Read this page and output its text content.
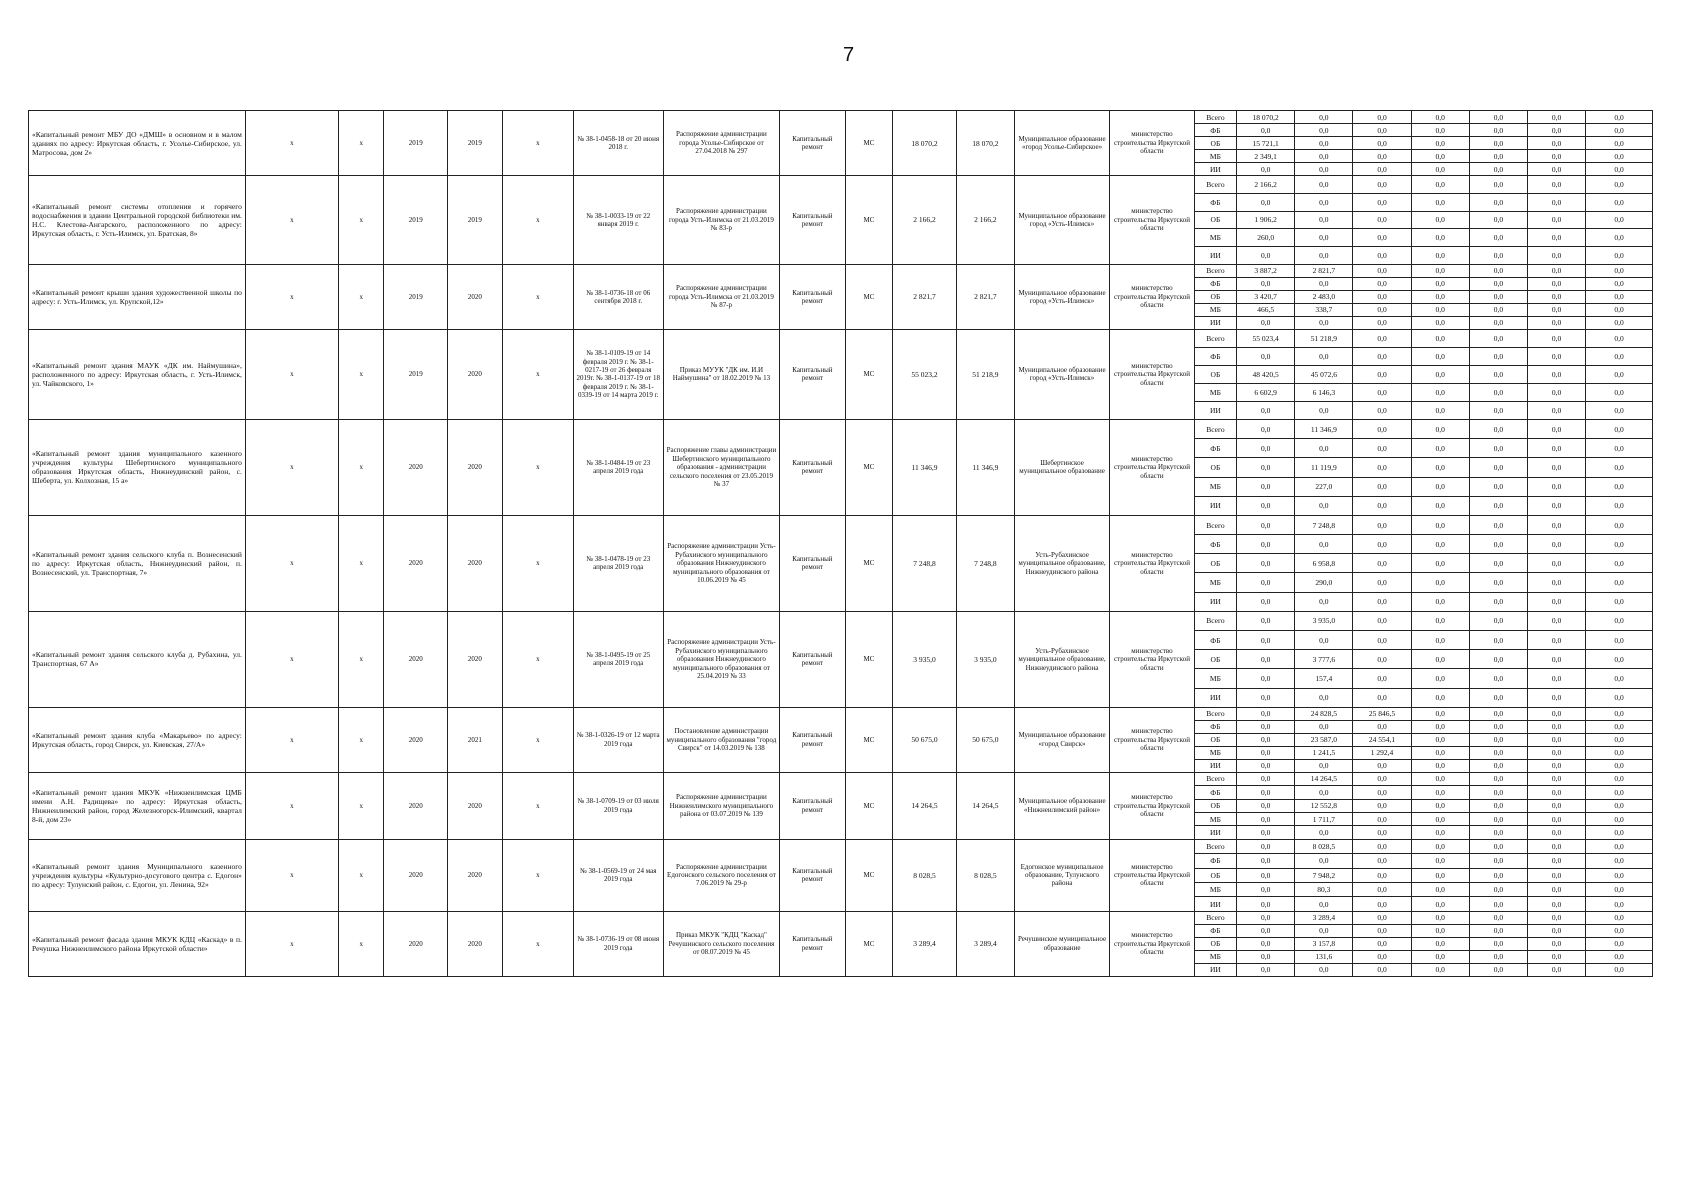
7
«Капитальный ремонт МБУ ДО «ДМШ» в основном и в малом зданиях по адресу: Иркутская область, г. Усолье-Сибирское, ул. Матросова, дом 2»	x	x	2019	2019	x	№ 38-1-0458-18 от 20 июня 2018 г.	Распоряжение администрации города Усолье-Сибирское от 27.04.2018 № 297	Капитальный ремонт	МС	18 070,2	18 070,2	Муниципальное образование «город Усолье-Сибирское»	министерство строительства Иркутской области	Всего	18 070,2	0,0	0,0	0,0	0,0	0,0	0,0
														ФБ	0,0	0,0	0,0	0,0	0,0	0,0	0,0
														ОБ	15 721,1	0,0	0,0	0,0	0,0	0,0	0,0
														МБ	2 349,1	0,0	0,0	0,0	0,0	0,0	0,0
														ИИ	0,0	0,0	0,0	0,0	0,0	0,0	0,0
«Капитальный ремонт системы отопления и горячего водоснабжения в здании Центральной городской библиотеки им. Н.С. Клестова-Ангарского, расположенного по адресу: Иркутская область, г. Усть-Илимск, ул. Братская, 8»	x	x	2019	2019	x	№ 38-1-0033-19 от 22 января 2019 г.	Распоряжение администрации города Усть-Илимска от 21.03.2019 № 83-р	Капитальный ремонт	МС	2 166,2	2 166,2	Муниципальное образование город «Усть-Илимск»	министерство строительства Иркутской области	Всего	2 166,2	0,0	0,0	0,0	0,0	0,0	0,0
														ФБ	0,0	0,0	0,0	0,0	0,0	0,0	0,0
														ОБ	1 906,2	0,0	0,0	0,0	0,0	0,0	0,0
														МБ	260,0	0,0	0,0	0,0	0,0	0,0	0,0
														ИИ	0,0	0,0	0,0	0,0	0,0	0,0	0,0
«Капитальный ремонт крыши здания художественной школы по адресу: г. Усть-Илимск, ул. Крупской,12»	x	x	2019	2020	x	№ 38-1-0736-18 от 06 сентября 2018 г.	Распоряжение администрации города Усть-Илимска от 21.03.2019 № 87-р	Капитальный ремонт	МС	2 821,7	2 821,7	Муниципальное образование город «Усть-Илимск»	министерство строительства Иркутской области	Всего	3 887,2	2 821,7	0,0	0,0	0,0	0,0	0,0
														ФБ	0,0	0,0	0,0	0,0	0,0	0,0	0,0
														ОБ	3 420,7	2 483,0	0,0	0,0	0,0	0,0	0,0
														МБ	466,5	338,7	0,0	0,0	0,0	0,0	0,0
														ИИ	0,0	0,0	0,0	0,0	0,0	0,0	0,0
«Капитальный ремонт здания МАУК «ДК им. Наймушина», расположенного по адресу: Иркутская область, г. Усть-Илимск, ул. Чайковского, 1»	x	x	2019	2020	x	№ 38-1-0109-19 от 14 февраля 2019 г. № 38-1-0217-19 от 26 февраля 2019г. № 38-1-0137-19 от 18 февраля 2019 г. № 38-1-0339-19 от 14 марта 2019 г.	Приказ МУУК "ДК им. И.И Наймушина" от 18.02.2019 № 13	Капитальный ремонт	МС	55 023,2	51 218,9	Муниципальное образование город «Усть-Илимск»	министерство строительства Иркутской области	Всего	55 023,4	51 218,9	0,0	0,0	0,0	0,0	0,0
														ФБ	0,0	0,0	0,0	0,0	0,0	0,0	0,0
														ОБ	48 420,5	45 072,6	0,0	0,0	0,0	0,0	0,0
														МБ	6 602,9	6 146,3	0,0	0,0	0,0	0,0	0,0
														ИИ	0,0	0,0	0,0	0,0	0,0	0,0	0,0
«Капитальный ремонт здания муниципального казенного учреждения культуры Шебертинского муниципального образования Иркутская область, Нижнеудинский район, с. Шеберта, ул. Колхозная, 15 а»	x	x	2020	2020	x	№ 38-1-0484-19 от 23 апреля 2019 года	Распоряжение главы администрации Шебертинского муниципального образования - администрации сельского поселения от 23.05.2019 № 37	Капитальный ремонт	МС	11 346,9	11 346,9	Шебертинское муниципальное образование	министерство строительства Иркутской области	Всего	0,0	11 346,9	0,0	0,0	0,0	0,0	0,0
														ФБ	0,0	0,0	0,0	0,0	0,0	0,0	0,0
														ОБ	0,0	11 119,9	0,0	0,0	0,0	0,0	0,0
														МБ	0,0	227,0	0,0	0,0	0,0	0,0	0,0
														ИИ	0,0	0,0	0,0	0,0	0,0	0,0	0,0
«Капитальный ремонт здания сельского клуба п. Вознесенский по адресу: Иркутская область, Нижнеудинский район, п. Вознесенский, ул. Транспортная, 7»	x	x	2020	2020	x	№ 38-1-0478-19 от 23 апреля 2019 года	Распоряжение администрации Усть-Рубахинского муниципального образования Нижнеудинского муниципального образования от 10.06.2019 № 45	Капитальный ремонт	МС	7 248,8	7 248,8	Усть-Рубахинское муниципальное образование, Нижнеудинского района	министерство строительства Иркутской области	Всего	0,0	7 248,8	0,0	0,0	0,0	0,0	0,0
														ФБ	0,0	0,0	0,0	0,0	0,0	0,0	0,0
														ОБ	0,0	6 958,8	0,0	0,0	0,0	0,0	0,0
														МБ	0,0	290,0	0,0	0,0	0,0	0,0	0,0
														ИИ	0,0	0,0	0,0	0,0	0,0	0,0	0,0
«Капитальный ремонт здания сельского клуба д. Рубахина, ул. Транспортная, 67 А»	x	x	2020	2020	x	№ 38-1-0495-19 от 25 апреля 2019 года	Распоряжение администрации Усть-Рубахинского муниципального образования Нижнеудинского муниципального образования от 25.04.2019 № 33	Капитальный ремонт	МС	3 935,0	3 935,0	Усть-Рубахинское муниципальное образование, Нижнеудинского района	министерство строительства Иркутской области	Всего	0,0	3 935,0	0,0	0,0	0,0	0,0	0,0
														ФБ	0,0	0,0	0,0	0,0	0,0	0,0	0,0
														ОБ	0,0	3 777,6	0,0	0,0	0,0	0,0	0,0
														МБ	0,0	157,4	0,0	0,0	0,0	0,0	0,0
														ИИ	0,0	0,0	0,0	0,0	0,0	0,0	0,0
«Капитальный ремонт здания клуба «Макарьево» по адресу: Иркутская область, город Свирск, ул. Киевская, 27/А»	x	x	2020	2021	x	№ 38-1-0326-19 от 12 марта 2019 года	Постановление администрации муниципального образования "город Свирск" от 14.03.2019 № 138	Капитальный ремонт	МС	50 675,0	50 675,0	Муниципальное образование «город Свирск»	министерство строительства Иркутской области	Всего	0,0	24 828,5	25 846,5	0,0	0,0	0,0	0,0
														ФБ	0,0	0,0	0,0	0,0	0,0	0,0	0,0
														ОБ	0,0	23 587,0	24 554,1	0,0	0,0	0,0	0,0
														МБ	0,0	1 241,5	1 292,4	0,0	0,0	0,0	0,0
														ИИ	0,0	0,0	0,0	0,0	0,0	0,0	0,0
«Капитальный ремонт здания МКУК «Нижнеилимская ЦМБ имени А.Н. Радищева» по адресу: Иркутская область, Нижнеилимский район, город Железногорск-Илимский, квартал 8-й, дом 23»	x	x	2020	2020	x	№ 38-1-0709-19 от 03 июля 2019 года	Распоряжение администрации Нижнеилимского муниципального района от 03.07.2019 № 139	Капитальный ремонт	МС	14 264,5	14 264,5	Муниципальное образование «Нижнеилимский район»	министерство строительства Иркутской области	Всего	0,0	14 264,5	0,0	0,0	0,0	0,0	0,0
														ФБ	0,0	0,0	0,0	0,0	0,0	0,0	0,0
														ОБ	0,0	12 552,8	0,0	0,0	0,0	0,0	0,0
														МБ	0,0	1 711,7	0,0	0,0	0,0	0,0	0,0
														ИИ	0,0	0,0	0,0	0,0	0,0	0,0	0,0
«Капитальный ремонт здания Муниципального казенного учреждения культуры «Культурно-досугового центра с. Едогон» по адресу: Тулунский район, с. Едогон, ул. Ленина, 92»	x	x	2020	2020	x	№ 38-1-0569-19 от 24 мая 2019 года	Распоряжение администрации Едогонского сельского поселения от 7.06.2019 № 29-р	Капитальный ремонт	МС	8 028,5	8 028,5	Едогонское муниципальное образование, Тулунского района	министерство строительства Иркутской области	Всего	0,0	8 028,5	0,0	0,0	0,0	0,0	0,0
														ФБ	0,0	0,0	0,0	0,0	0,0	0,0	0,0
														ОБ	0,0	7 948,2	0,0	0,0	0,0	0,0	0,0
														МБ	0,0	80,3	0,0	0,0	0,0	0,0	0,0
														ИИ	0,0	0,0	0,0	0,0	0,0	0,0	0,0
«Капитальный ремонт фасада здания МКУК КДЦ «Каскад» в п. Речушка Нижнеилимского района Иркутской области»	x	x	2020	2020	x	№ 38-1-0736-19 от 08 июня 2019 года	Приказ МКУК "КДЦ "Каскад" Речушинского сельского поселения от 08.07.2019 № 45	Капитальный ремонт	МС	3 289,4	3 289,4	Речушинское муниципальное образование	министерство строительства Иркутской области	Всего	0,0	3 289,4	0,0	0,0	0,0	0,0	0,0
														ФБ	0,0	0,0	0,0	0,0	0,0	0,0	0,0
														ОБ	0,0	3 157,8	0,0	0,0	0,0	0,0	0,0
														МБ	0,0	131,6	0,0	0,0	0,0	0,0	0,0
														ИИ	0,0	0,0	0,0	0,0	0,0	0,0	0,0
